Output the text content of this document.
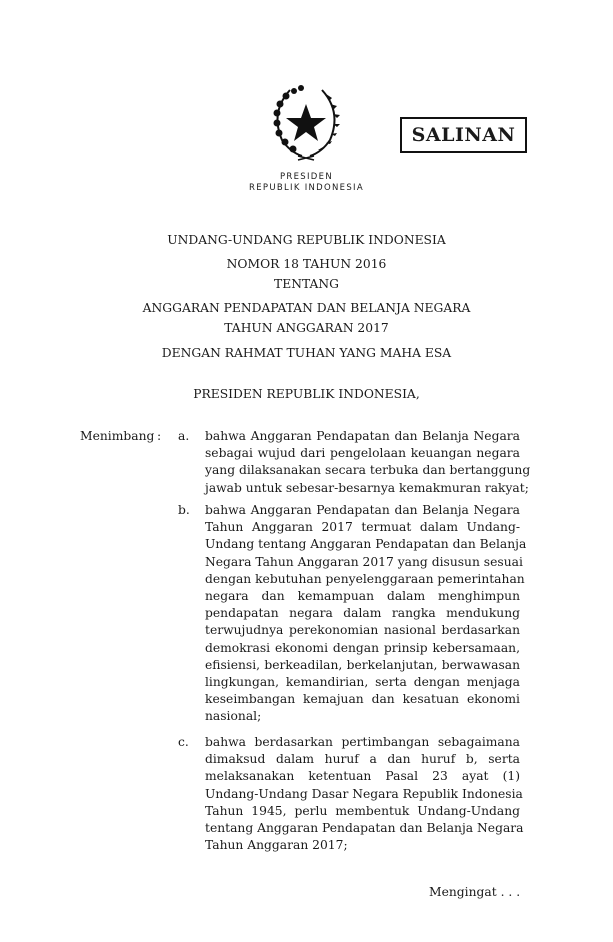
SALINAN
PRESIDEN
REPUBLIK INDONESIA
UNDANG-UNDANG REPUBLIK INDONESIA
NOMOR 18 TAHUN 2016
TENTANG
ANGGARAN PENDAPATAN DAN BELANJA NEGARA
TAHUN ANGGARAN 2017
DENGAN RAHMAT TUHAN YANG MAHA ESA
PRESIDEN REPUBLIK INDONESIA,
Menimbang : a. bahwa Anggaran Pendapatan dan Belanja Negara
sebagai wujud dari pengelolaan keuangan negara
yang dilaksanakan secara terbuka dan bertanggung
jawab untuk sebesar-besarnya kemakmuran rakyat;
b. bahwa Anggaran Pendapatan dan Belanja Negara
Tahun Anggaran 2017 termuat dalam Undang-
Undang tentang Anggaran Pendapatan dan Belanja
Negara Tahun Anggaran 2017 yang disusun sesuai
dengan kebutuhan penyelenggaraan pemerintahan
negara dan kemampuan dalam menghimpun
pendapatan negara dalam rangka mendukung
terwujudnya perekonomian nasional berdasarkan
demokrasi ekonomi dengan prinsip kebersamaan,
efisiensi, berkeadilan, berkelanjutan, berwawasan
lingkungan, kemandirian, serta dengan menjaga
keseimbangan kemajuan dan kesatuan ekonomi
nasional;
c. bahwa berdasarkan pertimbangan sebagaimana
dimaksud dalam huruf a dan huruf b, serta
melaksanakan ketentuan Pasal 23 ayat (1)
Undang-Undang Dasar Negara Republik Indonesia
Tahun 1945, perlu membentuk Undang-Undang
tentang Anggaran Pendapatan dan Belanja Negara
Tahun Anggaran 2017;
Mengingat . . .
